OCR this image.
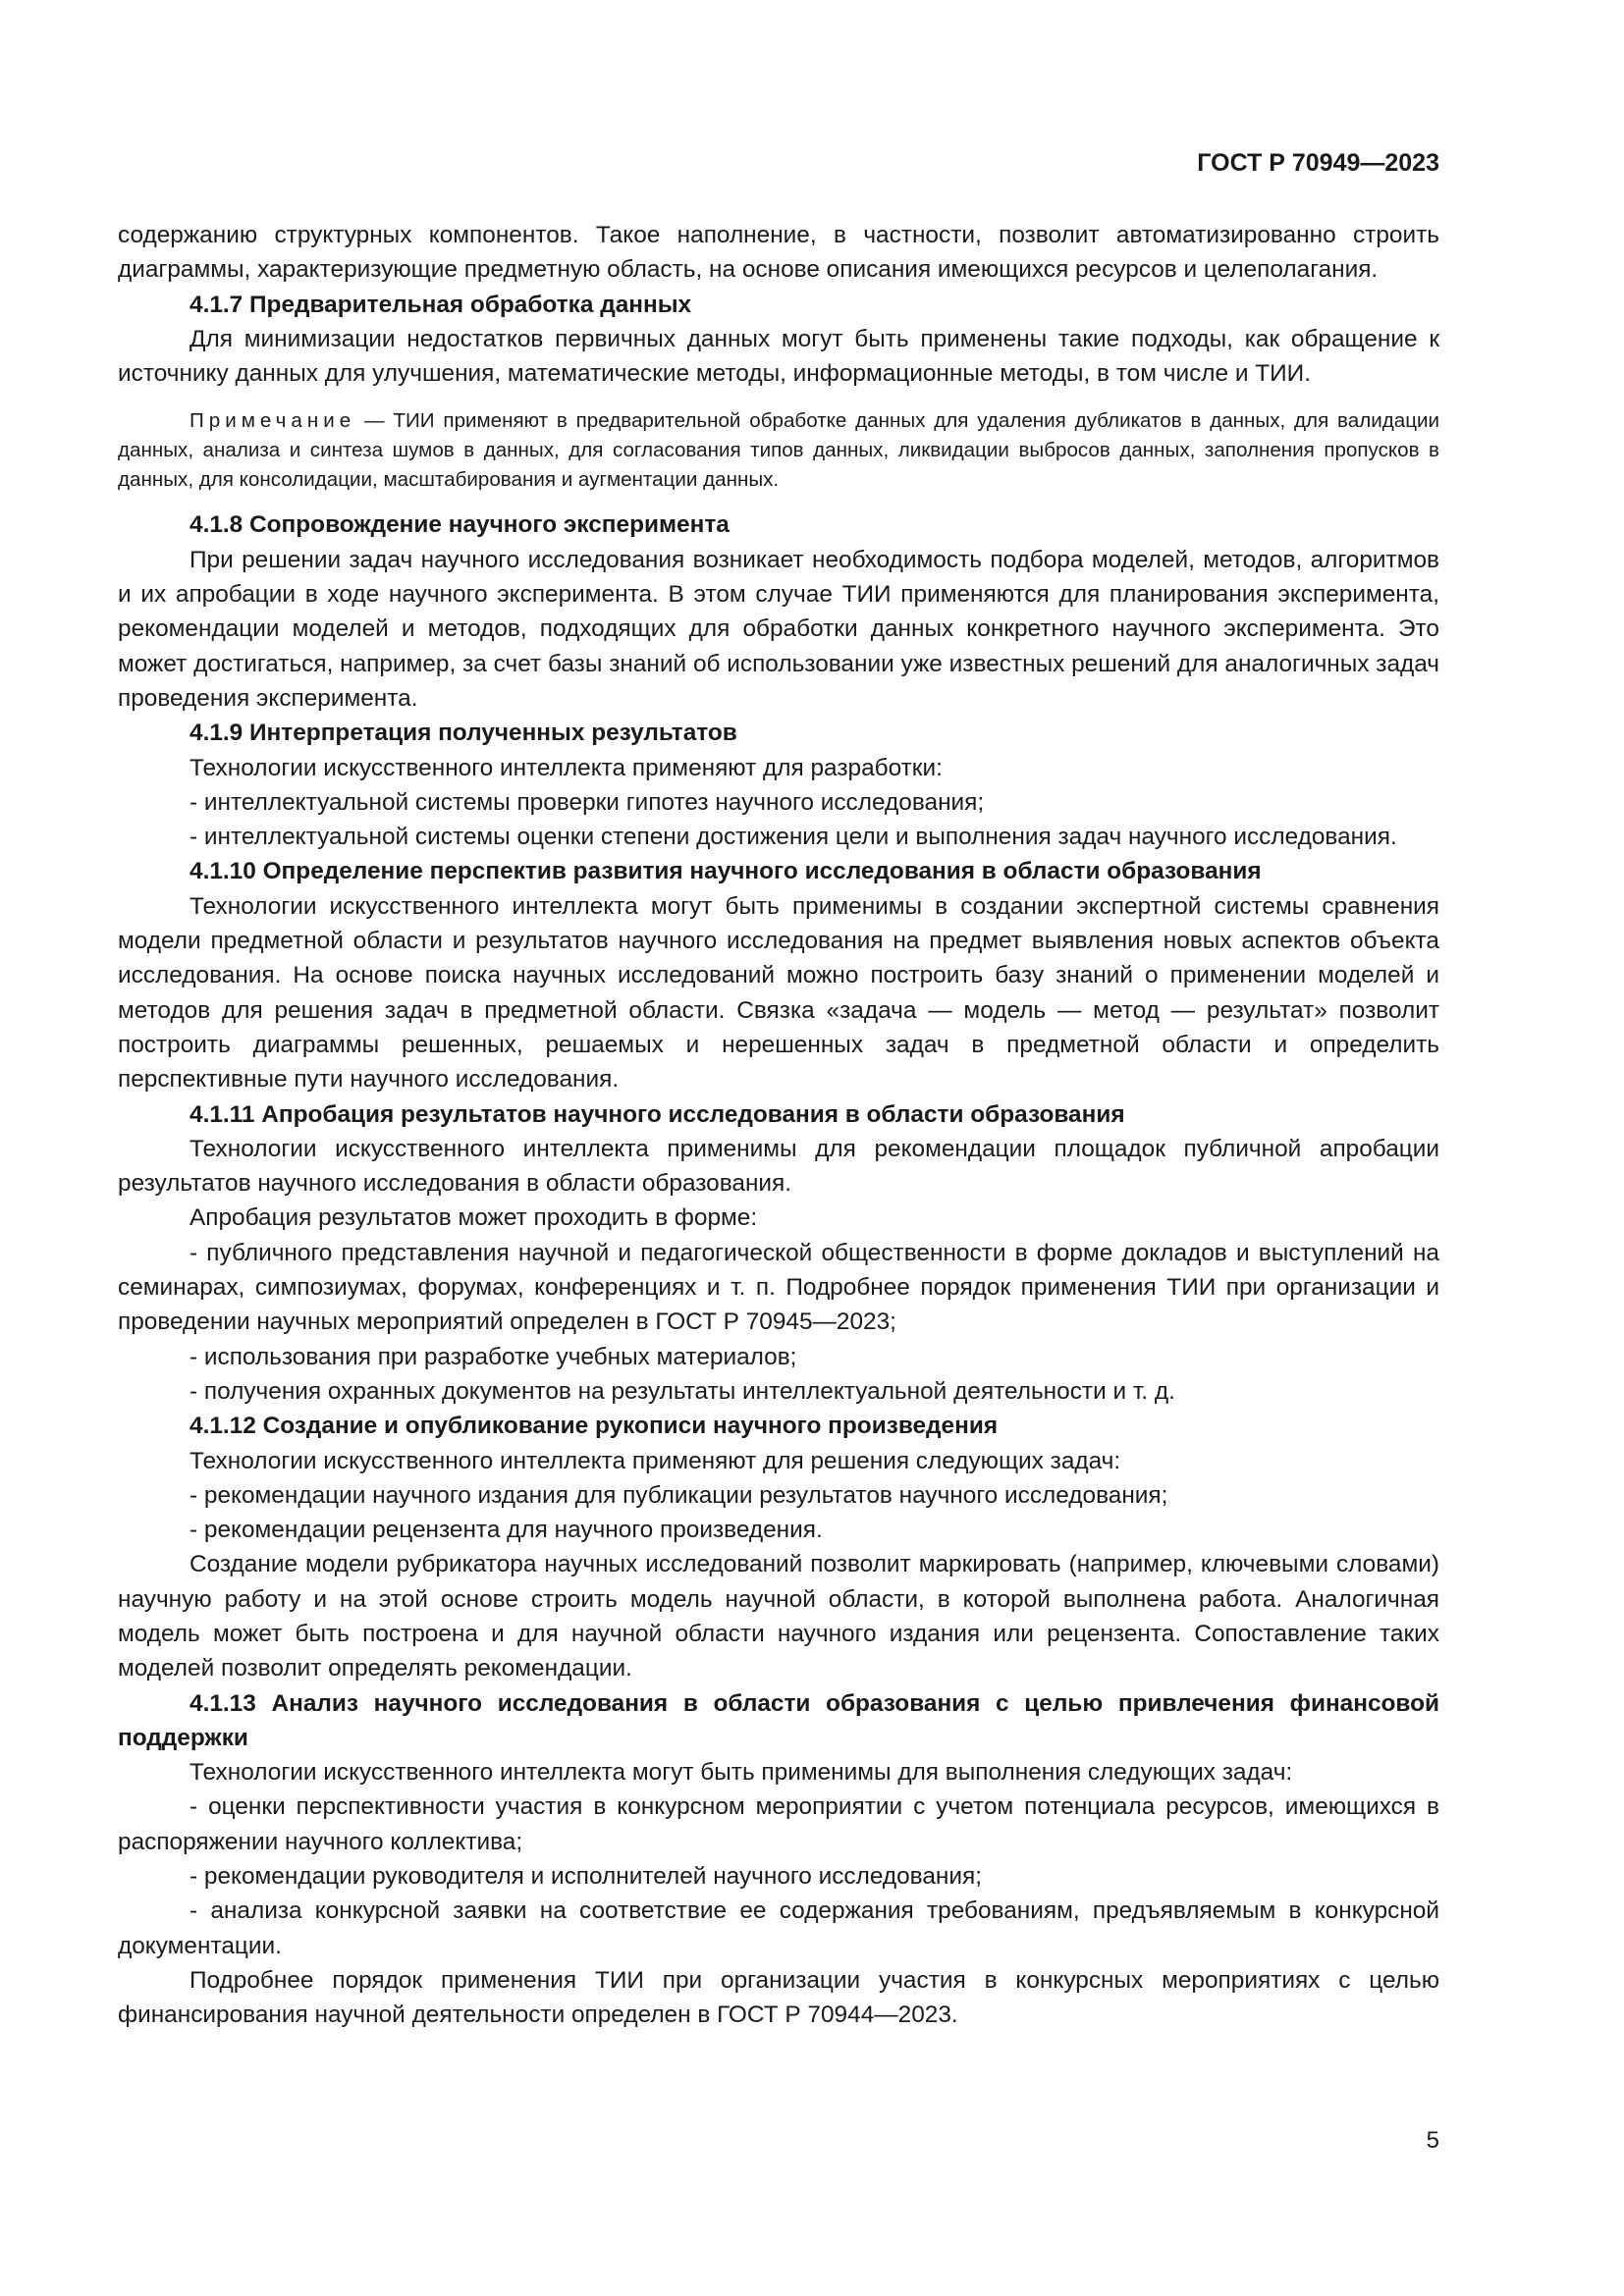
ГОСТ Р 70949—2023

содержанию структурных компонентов. Такое наполнение, в частности, позволит автоматизированно строить диаграммы, характеризующие предметную область, на основе описания имеющихся ресурсов и целеполагания.

4.1.7 Предварительная обработка данных

Для минимизации недостатков первичных данных могут быть применены такие подходы, как обращение к источнику данных для улучшения, математические методы, информационные методы, в том числе и ТИИ.

Примечание — ТИИ применяют в предварительной обработке данных для удаления дубликатов в данных, для валидации данных, анализа и синтеза шумов в данных, для согласования типов данных, ликвидации выбросов данных, заполнения пропусков в данных, для консолидации, масштабирования и аугментации данных.

4.1.8 Сопровождение научного эксперимента

При решении задач научного исследования возникает необходимость подбора моделей, методов, алгоритмов и их апробации в ходе научного эксперимента. В этом случае ТИИ применяются для планирования эксперимента, рекомендации моделей и методов, подходящих для обработки данных конкретного научного эксперимента. Это может достигаться, например, за счет базы знаний об использовании уже известных решений для аналогичных задач проведения эксперимента.

4.1.9 Интерпретация полученных результатов

Технологии искусственного интеллекта применяют для разработки:

- интеллектуальной системы проверки гипотез научного исследования;

- интеллектуальной системы оценки степени достижения цели и выполнения задач научного исследования.

4.1.10 Определение перспектив развития научного исследования в области образования

Технологии искусственного интеллекта могут быть применимы в создании экспертной системы сравнения модели предметной области и результатов научного исследования на предмет выявления новых аспектов объекта исследования. На основе поиска научных исследований можно построить базу знаний о применении моделей и методов для решения задач в предметной области. Связка «задача — модель — метод — результат» позволит построить диаграммы решенных, решаемых и нерешенных задач в предметной области и определить перспективные пути научного исследования.

4.1.11 Апробация результатов научного исследования в области образования

Технологии искусственного интеллекта применимы для рекомендации площадок публичной апробации результатов научного исследования в области образования.

Апробация результатов может проходить в форме:

- публичного представления научной и педагогической общественности в форме докладов и выступлений на семинарах, симпозиумах, форумах, конференциях и т. п. Подробнее порядок применения ТИИ при организации и проведении научных мероприятий определен в ГОСТ Р 70945—2023;

- использования при разработке учебных материалов;

- получения охранных документов на результаты интеллектуальной деятельности и т. д.

4.1.12 Создание и опубликование рукописи научного произведения

Технологии искусственного интеллекта применяют для решения следующих задач:

- рекомендации научного издания для публикации результатов научного исследования;

- рекомендации рецензента для научного произведения.

Создание модели рубрикатора научных исследований позволит маркировать (например, ключевыми словами) научную работу и на этой основе строить модель научной области, в которой выполнена работа. Аналогичная модель может быть построена и для научной области научного издания или рецензента. Сопоставление таких моделей позволит определять рекомендации.

4.1.13 Анализ научного исследования в области образования с целью привлечения финансовой поддержки

Технологии искусственного интеллекта могут быть применимы для выполнения следующих задач:

- оценки перспективности участия в конкурсном мероприятии с учетом потенциала ресурсов, имеющихся в распоряжении научного коллектива;

- рекомендации руководителя и исполнителей научного исследования;

- анализа конкурсной заявки на соответствие ее содержания требованиям, предъявляемым в конкурсной документации.

Подробнее порядок применения ТИИ при организации участия в конкурсных мероприятиях с целью финансирования научной деятельности определен в ГОСТ Р 70944—2023.

5
